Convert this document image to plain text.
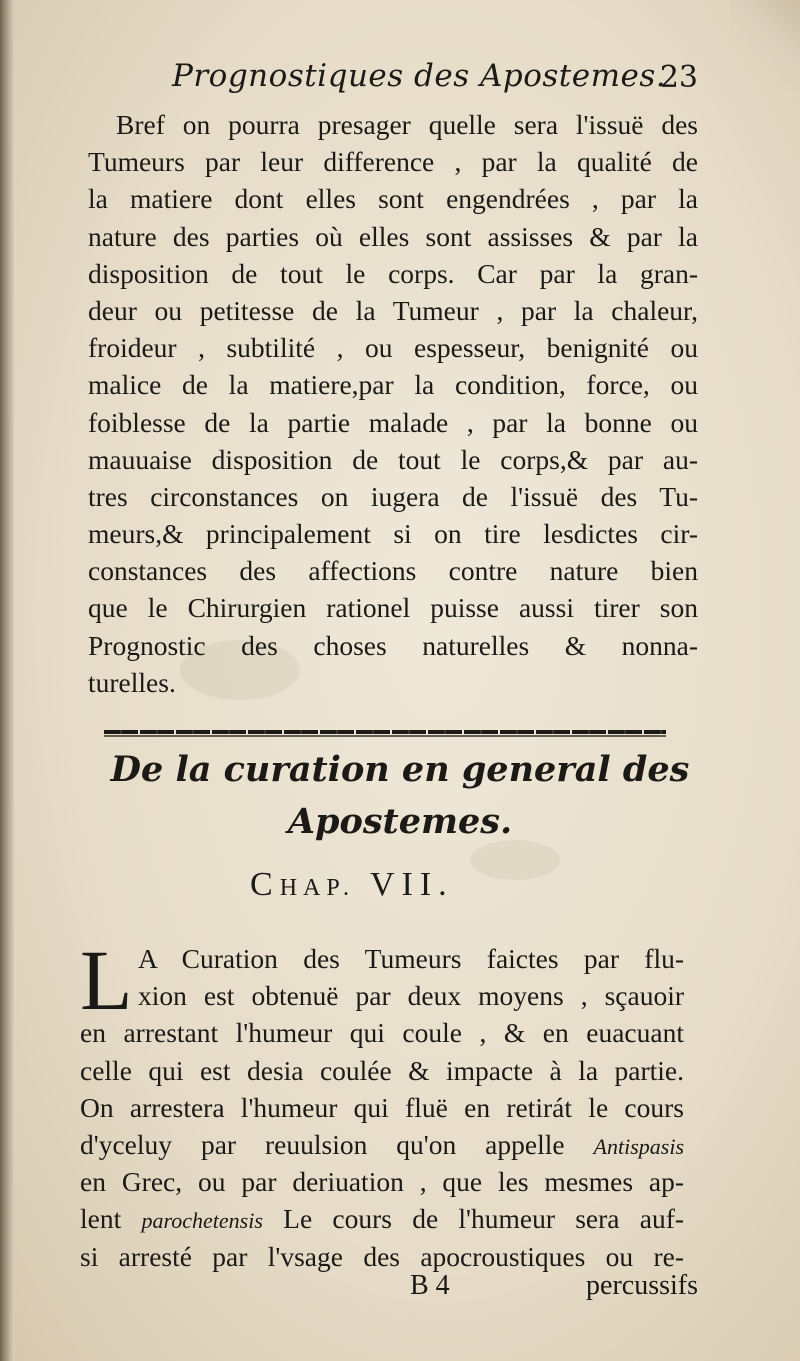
Prognostiques des Apostemes.
23
Bref on pourra presager quelle sera l'issuë des
Tumeurs par leur difference , par la qualité de
la matiere dont elles sont engendrées , par la
nature des parties où elles sont assisses & par la
disposition de tout le corps. Car par la gran-
deur ou petitesse de la Tumeur , par la chaleur,
froideur , subtilité , ou espesseur, benignité ou
malice de la matiere,par la condition, force, ou
foiblesse de la partie malade , par la bonne ou
mauuaise disposition de tout le corps,& par au-
tres circonstances on iugera de l'issuë des Tu-
meurs,& principalement si on tire lesdictes cir-
constances des affections contre nature bien
que le Chirurgien rationel puisse aussi tirer son
Prognostic des choses naturelles & nonna-
turelles.
De la curation en general des
Apostemes.
CHAP. VII.
L A Curation des Tumeurs faictes par flu-
xion est obtenuë par deux moyens , sçauoir
en arrestant l'humeur qui coule , & en euacuant
celle qui est desia coulée & impacte à la partie.
On arrestera l'humeur qui fluë en retirát le cours
d'yceluy par reuulsion qu'on appelle Antispasis
en Grec, ou par deriuation , que les mesmes ap-
lent parochetensis Le cours de l'humeur sera auf-
si arresté par l'vsage des apocroustiques ou re-
B 4	percussifs
